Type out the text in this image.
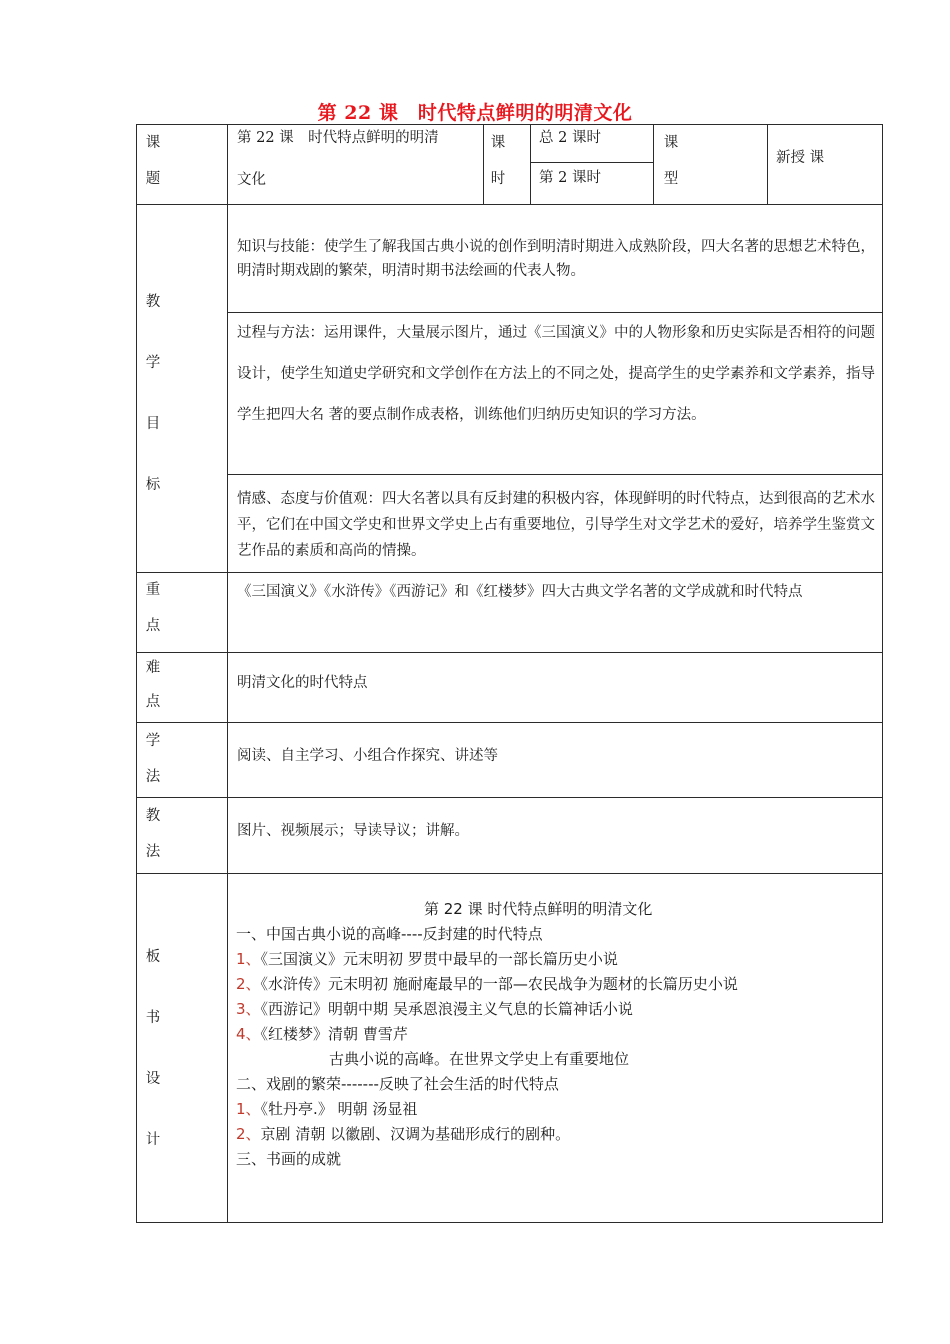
第 22 课　时代特点鲜明的明清文化
课
题
第 22 课　时代特点鲜明的明清
文化
课
时
总 2 课时
第 2 课时
课
型
新授 课
教
学
目
标
知识与技能：使学生了解我国古典小说的创作到明清时期进入成熟阶段，四大名著的思想艺术特色，明清时期戏剧的繁荣，明清时期书法绘画的代表人物。
过程与方法：运用课件，大量展示图片，通过《三国演义》中的人物形象和历史实际是否相符的问题设计，使学生知道史学研究和文学创作在方法上的不同之处，提高学生的史学素养和文学素养，指导学生把四大名 著的要点制作成表格，训练他们归纳历史知识的学习方法。
情感、态度与价值观：四大名著以具有反封建的积极内容，体现鲜明的时代特点，达到很高的艺术水平，它们在中国文学史和世界文学史上占有重要地位，引导学生对文学艺术的爱好，培养学生鉴赏文艺作品的素质和高尚的情操。
重
点
《三国演义》《水浒传》《西游记》和《红楼梦》四大古典文学名著的文学成就和时代特点
难
点
明清文化的时代特点
学
法
阅读、自主学习、小组合作探究、讲述等
教
法
图片、视频展示；导读导议；讲解。
板
书
设
计
第 22 课 时代特点鲜明的明清文化
一、中国古典小说的高峰----反封建的时代特点
1、《三国演义》元末明初 罗贯中最早的一部长篇历史小说
2、《水浒传》元末明初 施耐庵最早的一部—农民战争为题材的长篇历史小说
3、《西游记》明朝中期 吴承恩浪漫主义气息的长篇神话小说
4、《红楼梦》清朝 曹雪芹
古典小说的高峰。在世界文学史上有重要地位
二、戏剧的繁荣-------反映了社会生活的时代特点
1、《牡丹亭.》 明朝 汤显祖
2、京剧 清朝 以徽剧、汉调为基础形成行的剧种。
三、书画的成就
